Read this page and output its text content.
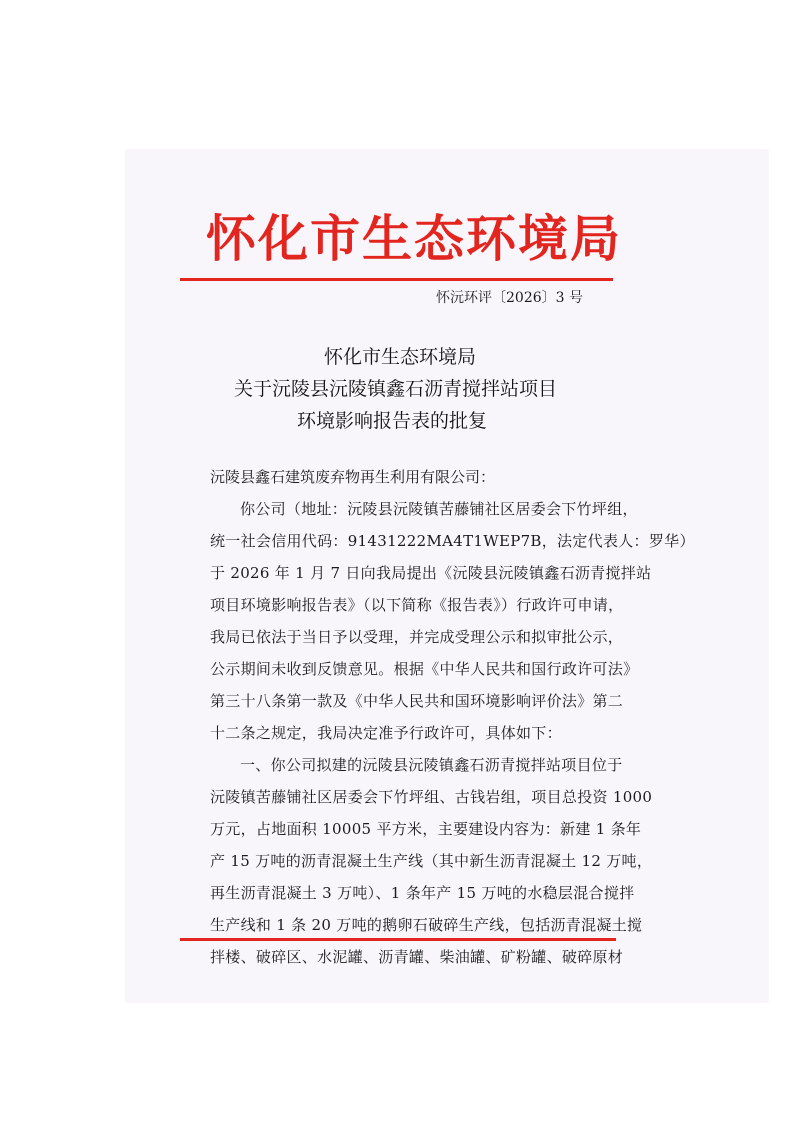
怀化市生态环境局
怀沅环评〔2026〕3 号
怀化市生态环境局
关于沅陵县沅陵镇鑫石沥青搅拌站项目
环境影响报告表的批复
沅陵县鑫石建筑废弃物再生利用有限公司：
你公司（地址：沅陵县沅陵镇苦藤铺社区居委会下竹坪组，
统一社会信用代码：91431222MA4T1WEP7B，法定代表人：罗华）
于 2026 年 1 月 7 日向我局提出《沅陵县沅陵镇鑫石沥青搅拌站
项目环境影响报告表》（以下简称《报告表》）行政许可申请，
我局已依法于当日予以受理，并完成受理公示和拟审批公示，
公示期间未收到反馈意见。根据《中华人民共和国行政许可法》
第三十八条第一款及《中华人民共和国环境影响评价法》第二
十二条之规定，我局决定准予行政许可，具体如下：
一、你公司拟建的沅陵县沅陵镇鑫石沥青搅拌站项目位于
沅陵镇苦藤铺社区居委会下竹坪组、古钱岩组，项目总投资 1000
万元，占地面积 10005 平方米，主要建设内容为：新建 1 条年
产 15 万吨的沥青混凝土生产线（其中新生沥青混凝土 12 万吨，
再生沥青混凝土 3 万吨）、1 条年产 15 万吨的水稳层混合搅拌
生产线和 1 条 20 万吨的鹅卵石破碎生产线，包括沥青混凝土搅
拌楼、破碎区、水泥罐、沥青罐、柴油罐、矿粉罐、破碎原材
